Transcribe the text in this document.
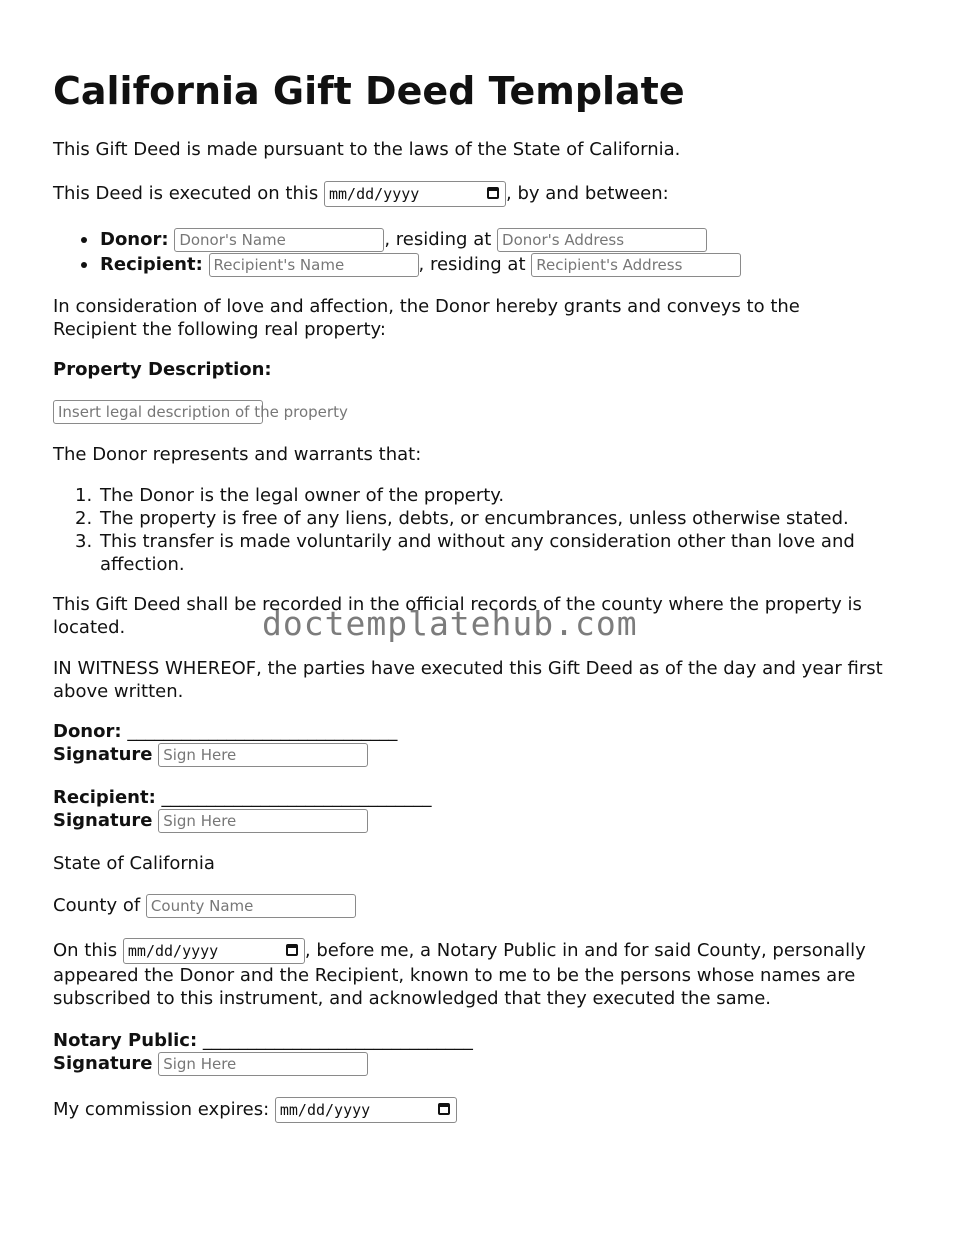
California Gift Deed Template
This Gift Deed is made pursuant to the laws of the State of California.
This Deed is executed on this mm/dd/yyyy	, by and between:
Donor: Donor's Name	, residing at Donor's Address
Recipient: Recipient's Name	, residing at Recipient's Address
In consideration of love and affection, the Donor hereby grants and conveys to the Recipient the following real property:
Property Description:
Insert legal description of the property
The Donor represents and warrants that:
1. The Donor is the legal owner of the property.
2. The property is free of any liens, debts, or encumbrances, unless otherwise stated.
3. This transfer is made voluntarily and without any consideration other than love and affection.
This Gift Deed shall be recorded in the official records of the county where the property is located.
IN WITNESS WHEREOF, the parties have executed this Gift Deed as of the day and year first above written.
Donor: ______________________________
Signature Sign Here
Recipient: ______________________________
Signature Sign Here
State of California
County of County Name
On this mm/dd/yyyy	, before me, a Notary Public in and for said County, personally appeared the Donor and the Recipient, known to me to be the persons whose names are subscribed to this instrument, and acknowledged that they executed the same.
Notary Public: ______________________________
Signature Sign Here
My commission expires: mm/dd/yyyy
doctemplatehub.com
